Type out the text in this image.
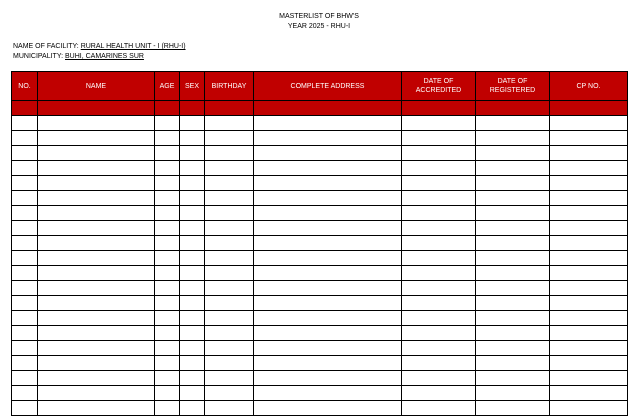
MASTERLIST OF BHW'S
YEAR 2025 - RHU-I
NAME OF FACILITY: RURAL HEALTH UNIT - I (RHU-I)
MUNICIPALITY: BUHI, CAMARINES SUR
NO.	NAME	AGE	SEX	BIRTHDAY	COMPLETE ADDRESS	DATE OF ACCREDITED	DATE OF REGISTERED	CP NO.
